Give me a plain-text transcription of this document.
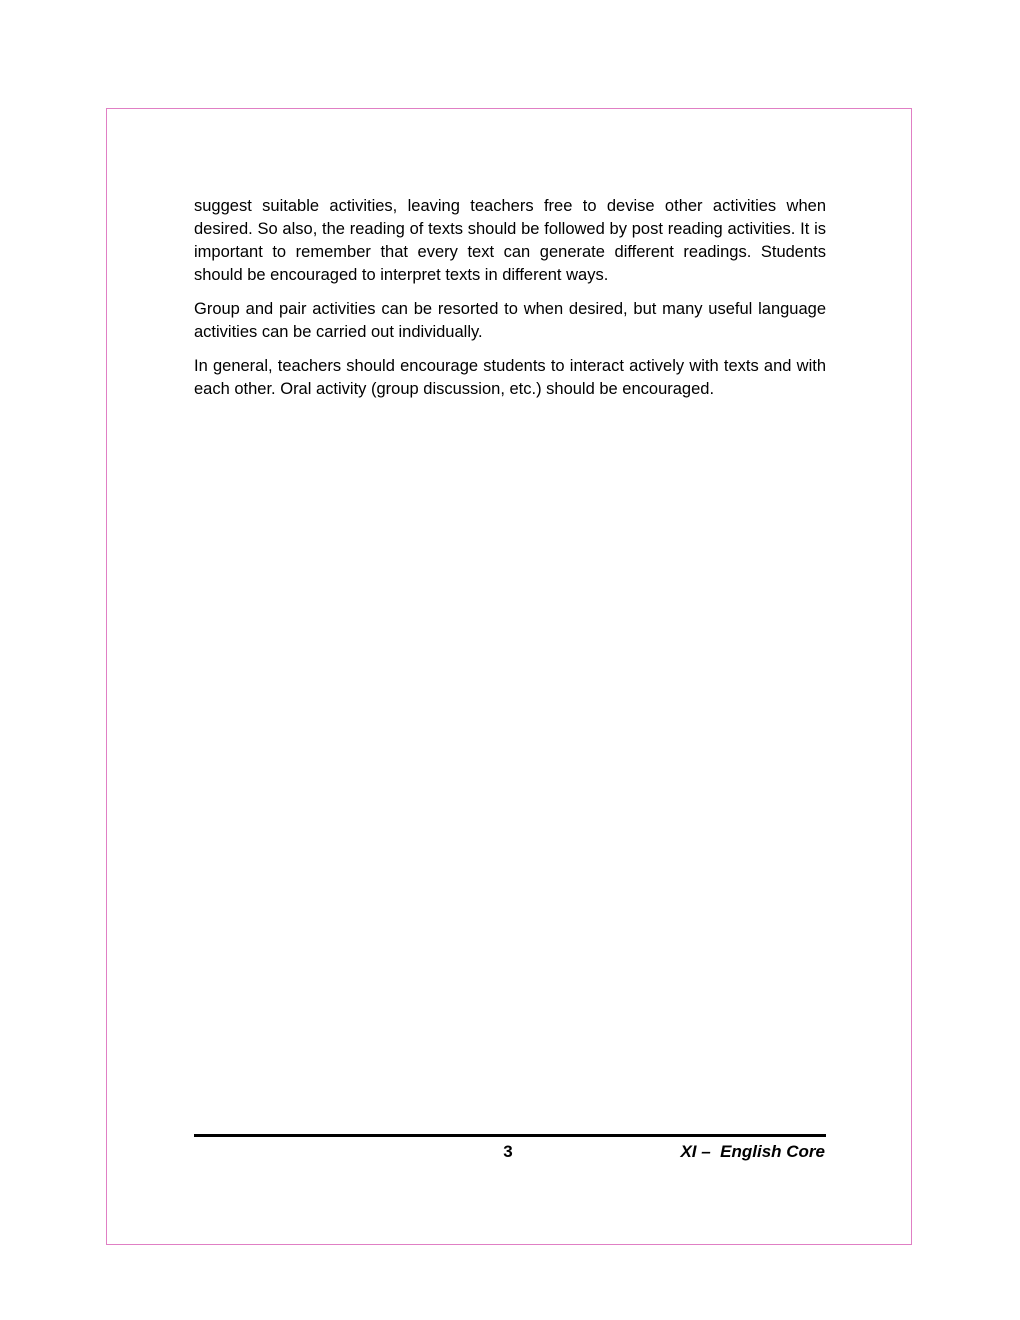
suggest suitable activities, leaving teachers free to devise other activities when desired. So also, the reading of texts should be followed by post reading activities. It is important to remember that every text can generate different readings. Students should be encouraged to interpret texts in different ways.

Group and pair activities can be resorted to when desired, but many useful language activities can be carried out individually.

In general, teachers should encourage students to interact actively with texts and with each other. Oral activity (group discussion, etc.) should be encouraged.

3	XI –  English Core
